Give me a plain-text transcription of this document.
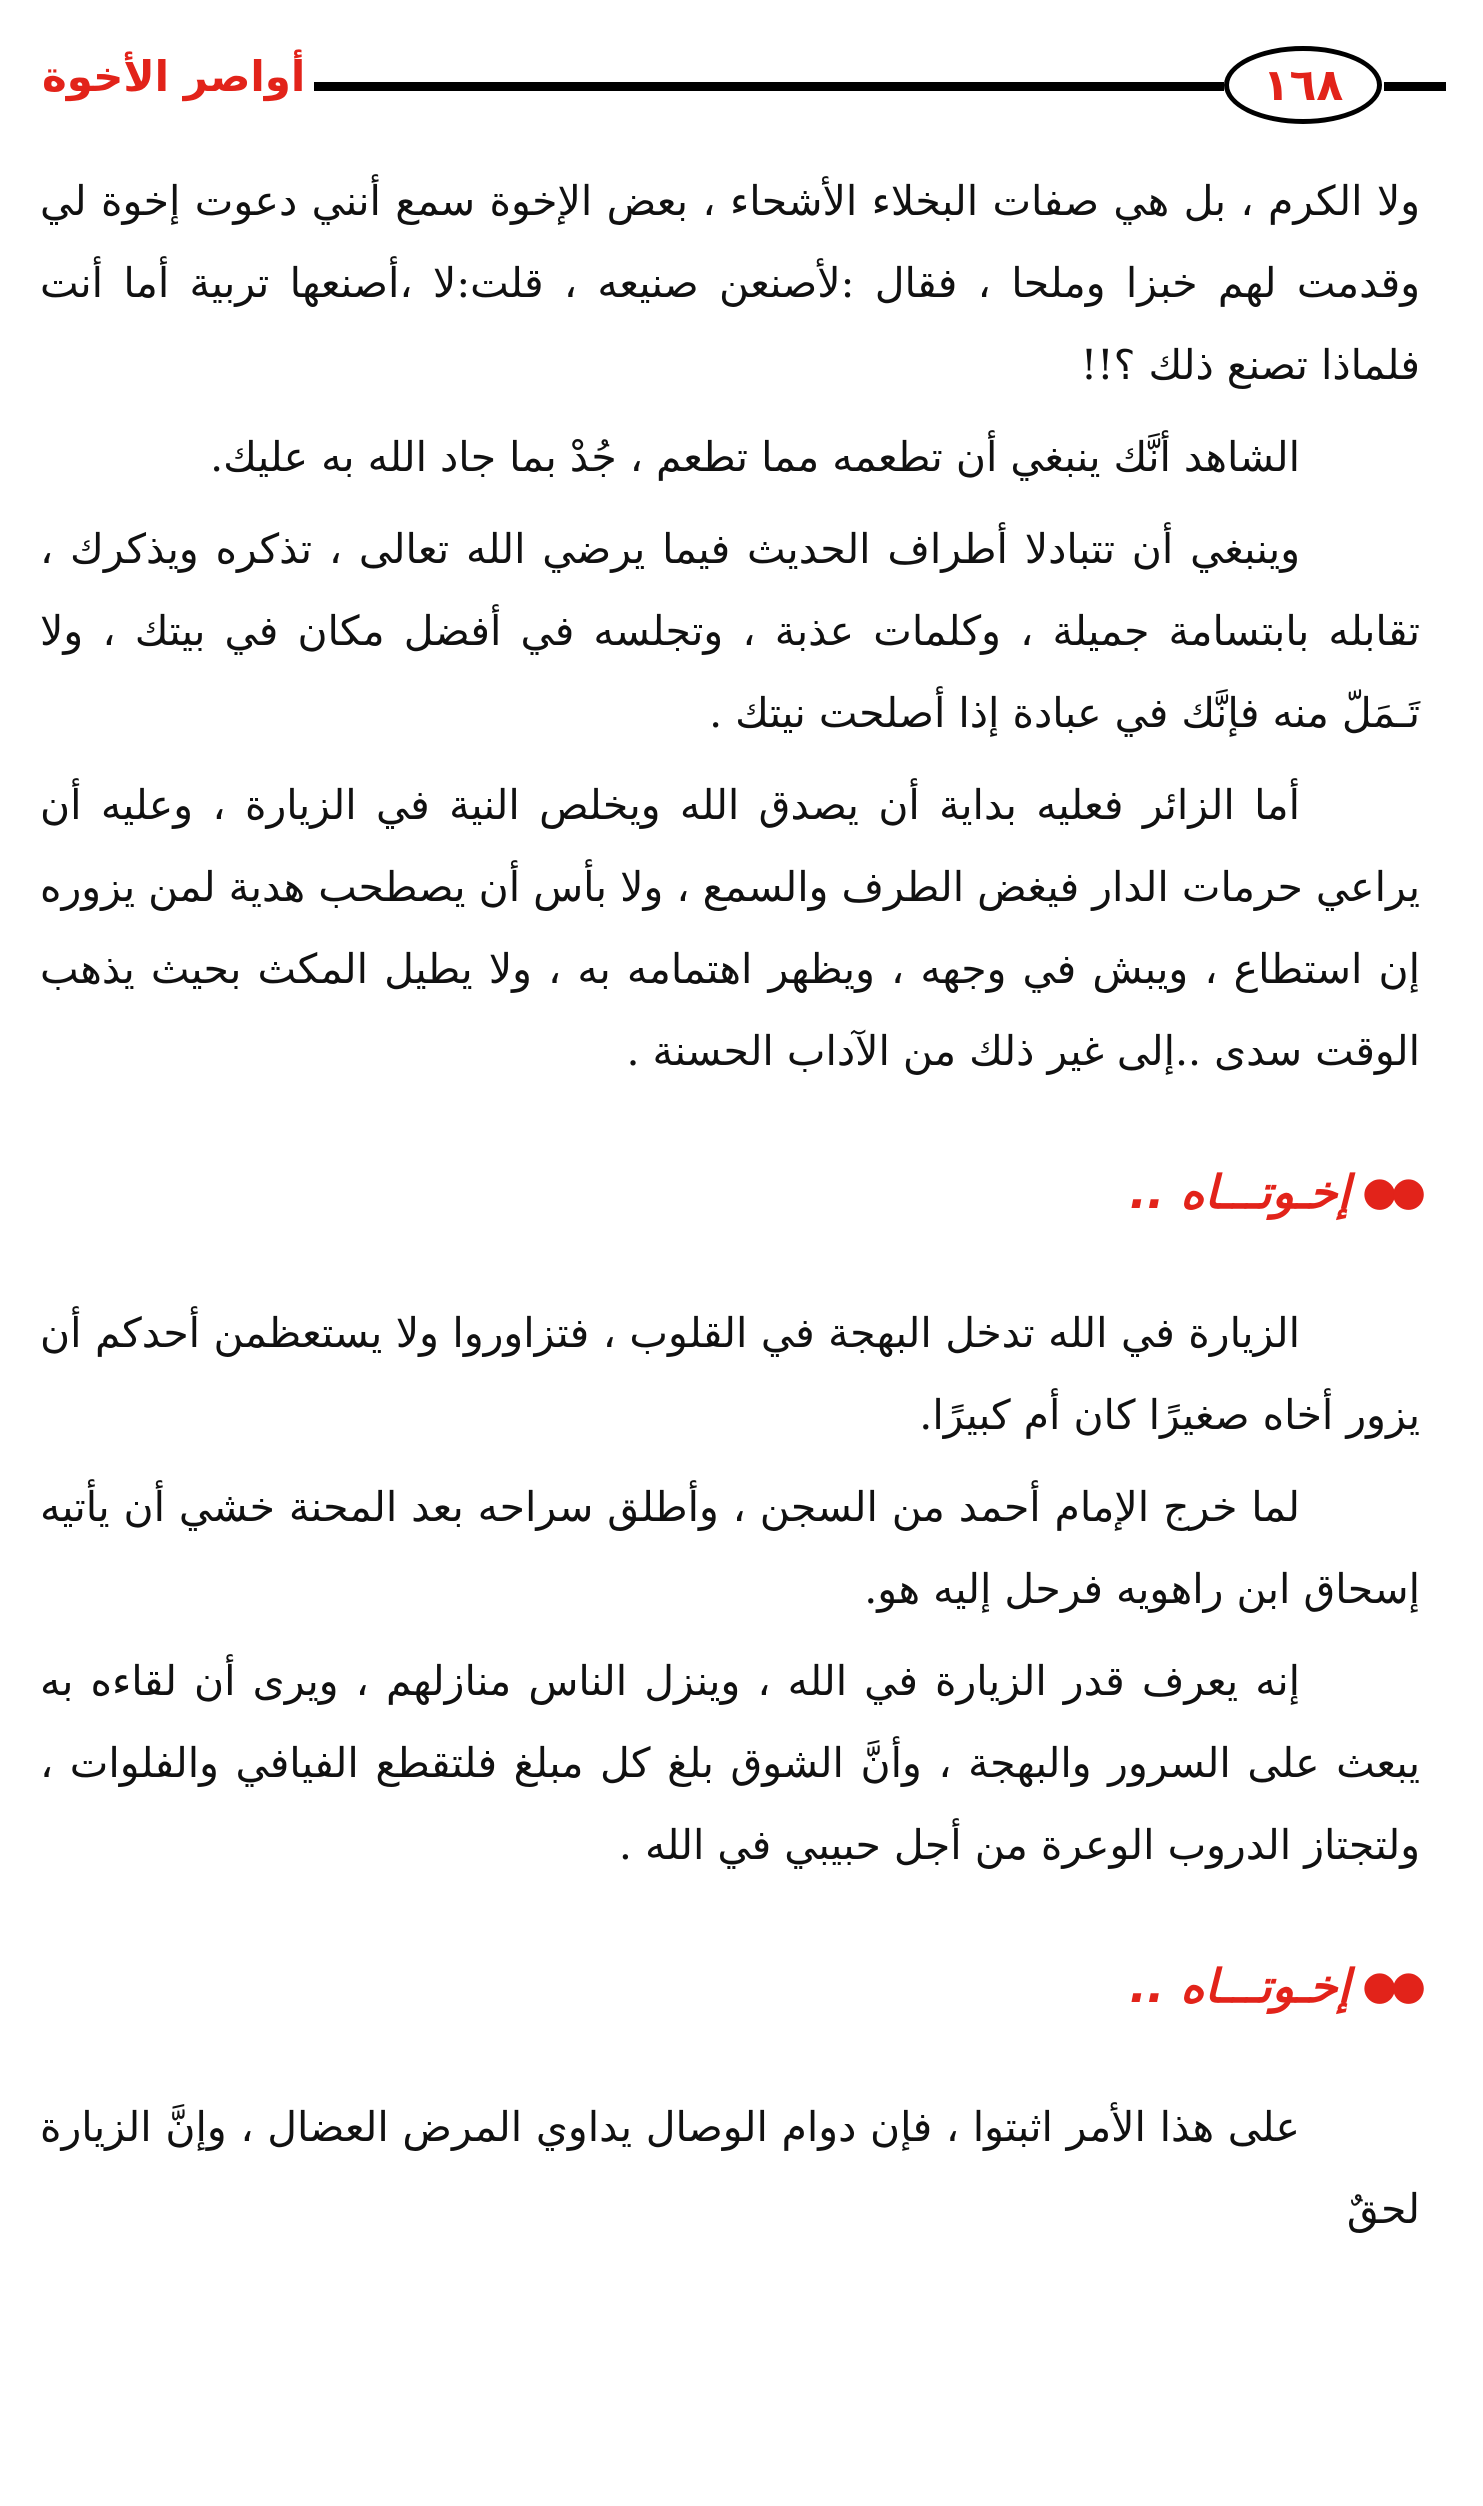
أواصر الأخوة	١٦٨

ولا الكرم ، بل هي صفات البخلاء الأشحاء ، بعض الإخوة سمع أنني دعوت إخوة لي وقدمت لهم خبزا وملحا ، فقال :لأصنعن صنيعه ، قلت:لا ،أصنعها تربية أما أنت فلماذا تصنع ذلك ؟!!

الشاهد أنَّك ينبغي أن تطعمه مما تطعم ، جُدْ بما جاد الله به عليك.

وينبغي أن تتبادلا أطراف الحديث فيما يرضي الله تعالى ، تذكره ويذكرك ، تقابله بابتسامة جميلة ، وكلمات عذبة ، وتجلسه في أفضل مكان في بيتك ، ولا تَـمَلّ منه فإنَّك في عبادة إذا أصلحت نيتك .

أما الزائر فعليه بداية أن يصدق الله ويخلص النية في الزيارة ، وعليه أن يراعي حرمات الدار فيغض الطرف والسمع ، ولا بأس أن يصطحب هدية لمن يزوره إن استطاع ، ويبش في وجهه ، ويظهر اهتمامه به ، ولا يطيل المكث بحيث يذهب الوقت سدى ..إلى غير ذلك من الآداب الحسنة .

●●
إخـوتـــاه ..

الزيارة في الله تدخل البهجة في القلوب ، فتزاوروا ولا يستعظمن أحدكم أن يزور أخاه صغيرًا كان أم كبيرًا.

لما خرج الإمام أحمد من السجن ، وأطلق سراحه بعد المحنة خشي أن يأتيه إسحاق ابن راهويه فرحل إليه هو.

إنه يعرف قدر الزيارة في الله ، وينزل الناس منازلهم ، ويرى أن لقاءه به يبعث على السرور والبهجة ، وأنَّ الشوق بلغ كل مبلغ فلتقطع الفيافي والفلوات ، ولتجتاز الدروب الوعرة من أجل حبيبي في الله .

●●
إخـوتـــاه ..

على هذا الأمر اثبتوا ، فإن دوام الوصال يداوي المرض العضال ، وإنَّ الزيارة لحقٌ
